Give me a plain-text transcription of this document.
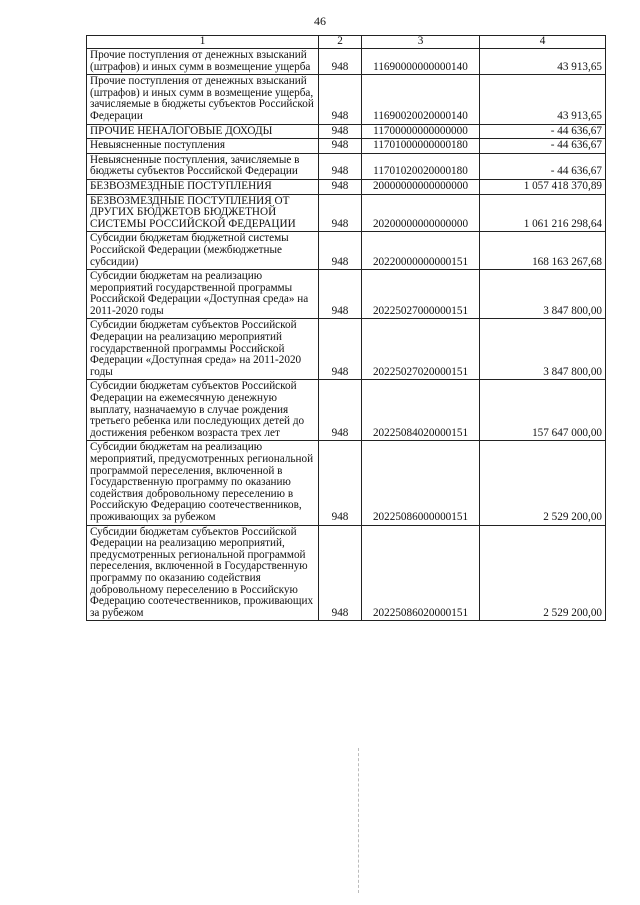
46
1	2	3	4
Прочие поступления от денежных взысканий (штрафов) и иных сумм в возмещение ущерба	948	11690000000000140	43 913,65
Прочие поступления от денежных взысканий (штрафов) и иных сумм в возмещение ущерба, зачисляемые в бюджеты субъектов Российской Федерации	948	11690020020000140	43 913,65
ПРОЧИЕ НЕНАЛОГОВЫЕ ДОХОДЫ	948	11700000000000000	- 44 636,67
Невыясненные поступления	948	11701000000000180	- 44 636,67
Невыясненные поступления, зачисляемые в бюджеты субъектов Российской Федерации	948	11701020020000180	- 44 636,67
БЕЗВОЗМЕЗДНЫЕ ПОСТУПЛЕНИЯ	948	20000000000000000	1 057 418 370,89
БЕЗВОЗМЕЗДНЫЕ ПОСТУПЛЕНИЯ ОТ ДРУГИХ БЮДЖЕТОВ БЮДЖЕТНОЙ СИСТЕМЫ РОССИЙСКОЙ ФЕДЕРАЦИИ	948	20200000000000000	1 061 216 298,64
Субсидии бюджетам бюджетной системы Российской Федерации (межбюджетные субсидии)	948	20220000000000151	168 163 267,68
Субсидии бюджетам на реализацию мероприятий государственной программы Российской Федерации «Доступная среда» на 2011-2020 годы	948	20225027000000151	3 847 800,00
Субсидии бюджетам субъектов Российской Федерации на реализацию мероприятий государственной программы Российской Федерации «Доступная среда» на 2011-2020 годы	948	20225027020000151	3 847 800,00
Субсидии бюджетам субъектов Российской Федерации на ежемесячную денежную выплату, назначаемую в случае рождения третьего ребенка или последующих детей до достижения ребенком возраста трех лет	948	20225084020000151	157 647 000,00
Субсидии бюджетам на реализацию мероприятий, предусмотренных региональной программой переселения, включенной в Государственную программу по оказанию содействия добровольному переселению в Российскую Федерацию соотечественников, проживающих за рубежом	948	20225086000000151	2 529 200,00
Субсидии бюджетам субъектов Российской Федерации на реализацию мероприятий, предусмотренных региональной программой переселения, включенной в Государственную программу по оказанию содействия добровольному переселению в Российскую Федерацию соотечественников, проживающих за рубежом	948	20225086020000151	2 529 200,00
